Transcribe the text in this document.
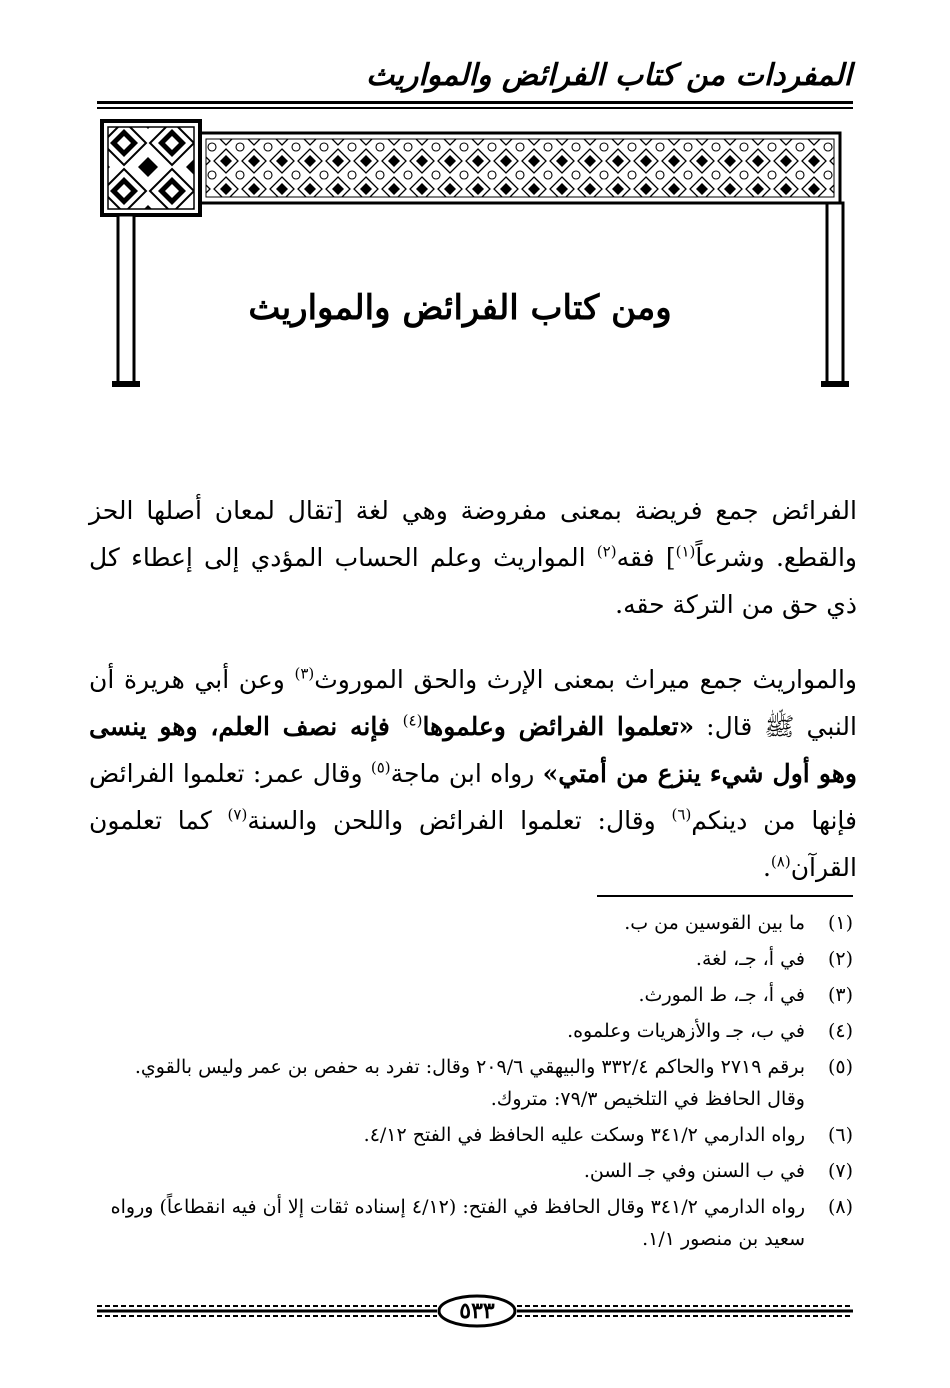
المفردات من كتاب الفرائض والمواريث
ومن كتاب الفرائض والمواريث

الفرائض جمع فريضة بمعنى مفروضة وهي لغة [تقال لمعان أصلها الحز والقطع. وشرعاً$^{(١)}$] فقه$^{(٢)}$ المواريث وعلم الحساب المؤدي إلى إعطاء كل ذي حق من التركة حقه.

والمواريث جمع ميراث بمعنى الإرث والحق الموروث$^{(٣)}$ وعن أبي هريرة أن النبي ﷺ قال: «تعلموا الفرائض وعلموها$^{(٤)}$ فإنه نصف العلم، وهو ينسى وهو أول شيء ينزع من أمتي» رواه ابن ماجة$^{(٥)}$ وقال عمر: تعلموا الفرائض فإنها من دينكم$^{(٦)}$ وقال: تعلموا الفرائض واللحن والسنة$^{(٧)}$ كما تعلمون القرآن$^{(٨)}$.

(١)
ما بين القوسين من ب.
(٢)
في أ، جـ، لغة.
(٣)
في أ، جـ، ط المورث.
(٤)
في ب، جـ والأزهريات وعلموه.
(٥)
برقم ٢٧١٩ والحاكم ٣٣٢/٤ والبيهقي ٢٠٩/٦ وقال: تفرد به حفص بن عمر وليس بالقوي. وقال الحافظ في التلخيص ٧٩/٣: متروك.
(٦)
رواه الدارمي ٣٤١/٢ وسكت عليه الحافظ في الفتح ٤/١٢.
(٧)
في ب السنن وفي جـ السن.
(٨)
رواه الدارمي ٣٤١/٢ وقال الحافظ في الفتح: (٤/١٢ إسناده ثقات إلا أن فيه انقطاعاً) ورواه سعيد بن منصور ١/١.
٥٣٣
